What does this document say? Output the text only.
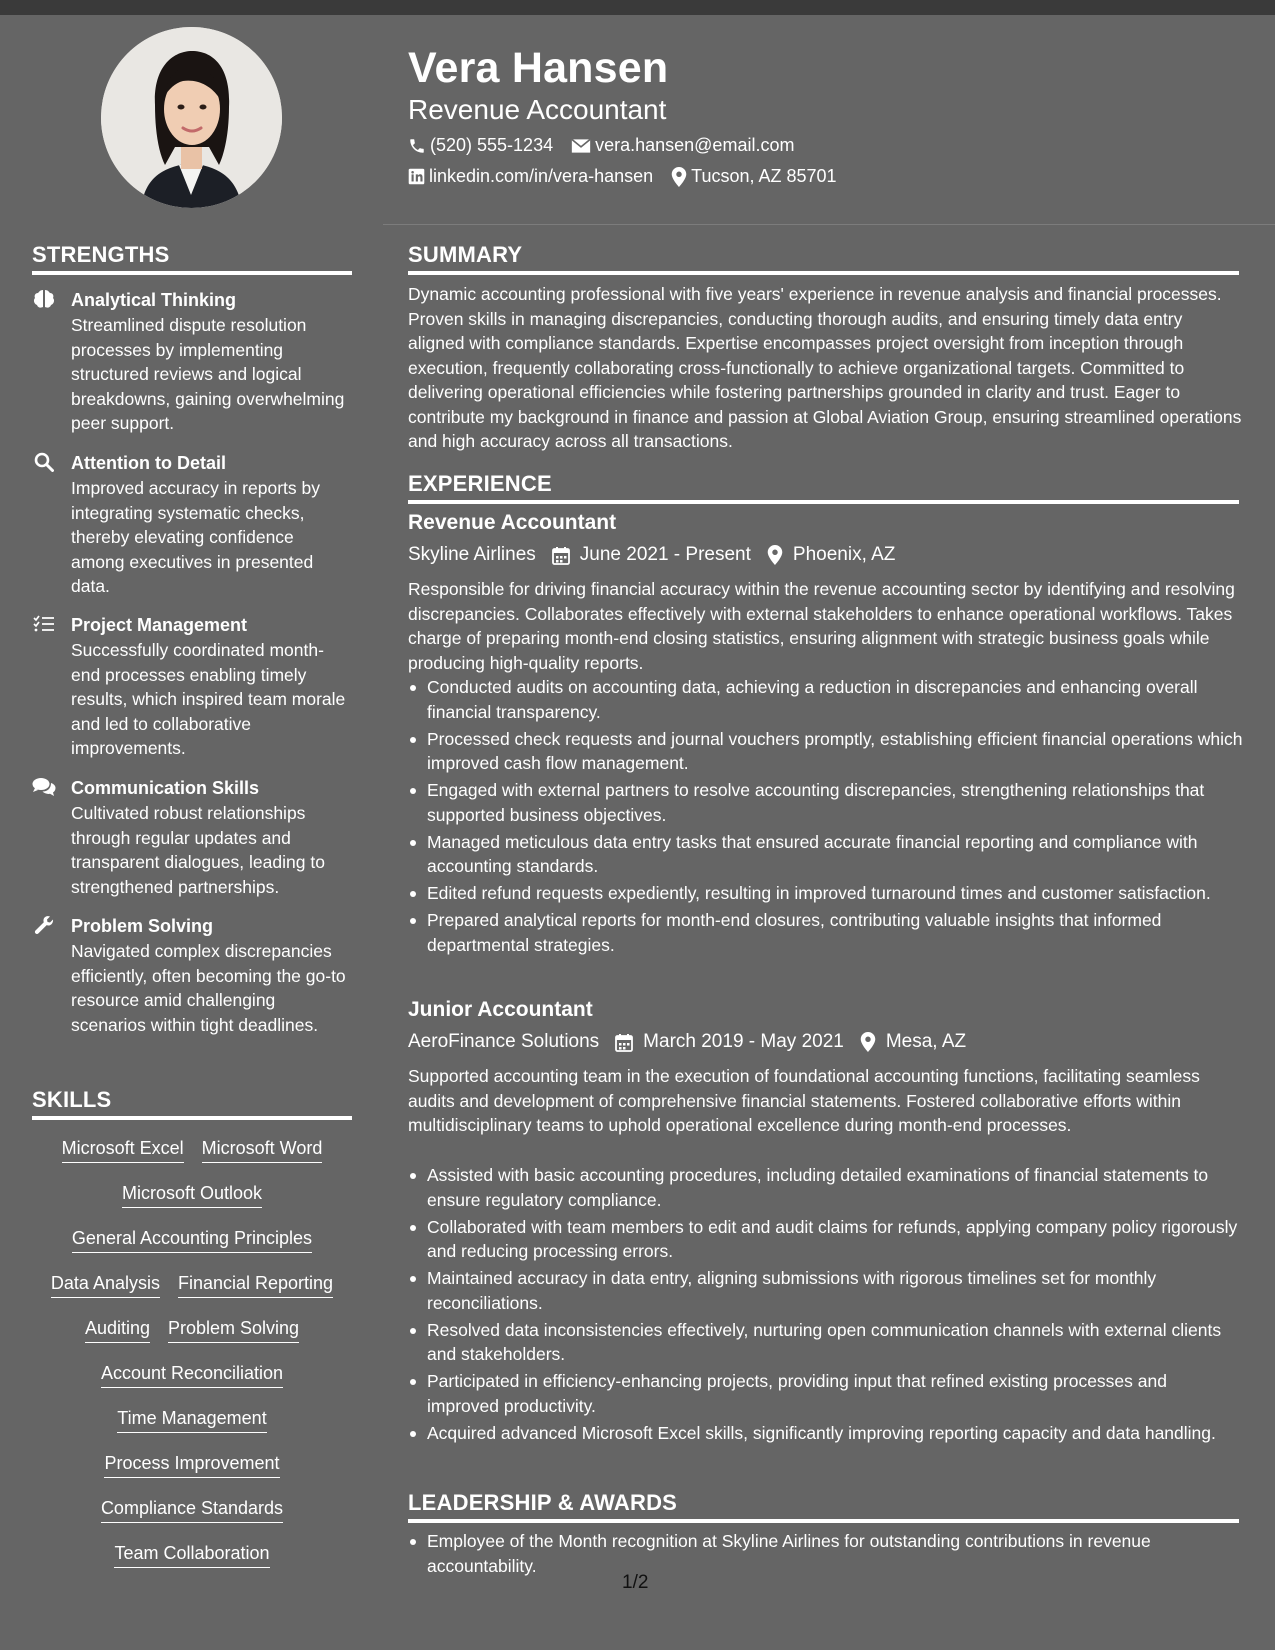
Vera Hansen
Revenue Accountant
(520) 555-1234 vera.hansen@email.com
linkedin.com/in/vera-hansen Tucson, AZ 85701
STRENGTHS
Analytical Thinking
Streamlined dispute resolution processes by implementing structured reviews and logical breakdowns, gaining overwhelming peer support.
Attention to Detail
Improved accuracy in reports by integrating systematic checks, thereby elevating confidence among executives in presented data.
Project Management
Successfully coordinated month-end processes enabling timely results, which inspired team morale and led to collaborative improvements.
Communication Skills
Cultivated robust relationships through regular updates and transparent dialogues, leading to strengthened partnerships.
Problem Solving
Navigated complex discrepancies efficiently, often becoming the go-to resource amid challenging scenarios within tight deadlines.
SKILLS
Microsoft Excel Microsoft Word
Microsoft Outlook
General Accounting Principles
Data Analysis Financial Reporting
Auditing Problem Solving
Account Reconciliation
Time Management
Process Improvement
Compliance Standards
Team Collaboration
SUMMARY
Dynamic accounting professional with five years' experience in revenue analysis and financial processes. Proven skills in managing discrepancies, conducting thorough audits, and ensuring timely data entry aligned with compliance standards. Expertise encompasses project oversight from inception through execution, frequently collaborating cross-functionally to achieve organizational targets. Committed to delivering operational efficiencies while fostering partnerships grounded in clarity and trust. Eager to contribute my background in finance and passion at Global Aviation Group, ensuring streamlined operations and high accuracy across all transactions.
EXPERIENCE
Revenue Accountant
Skyline Airlines June 2021 - Present Phoenix, AZ
Responsible for driving financial accuracy within the revenue accounting sector by identifying and resolving discrepancies. Collaborates effectively with external stakeholders to enhance operational workflows. Takes charge of preparing month-end closing statistics, ensuring alignment with strategic business goals while producing high-quality reports.
Conducted audits on accounting data, achieving a reduction in discrepancies and enhancing overall financial transparency.
Processed check requests and journal vouchers promptly, establishing efficient financial operations which improved cash flow management.
Engaged with external partners to resolve accounting discrepancies, strengthening relationships that supported business objectives.
Managed meticulous data entry tasks that ensured accurate financial reporting and compliance with accounting standards.
Edited refund requests expediently, resulting in improved turnaround times and customer satisfaction.
Prepared analytical reports for month-end closures, contributing valuable insights that informed departmental strategies.
Junior Accountant
AeroFinance Solutions March 2019 - May 2021 Mesa, AZ
Supported accounting team in the execution of foundational accounting functions, facilitating seamless audits and development of comprehensive financial statements. Fostered collaborative efforts within multidisciplinary teams to uphold operational excellence during month-end processes.
Assisted with basic accounting procedures, including detailed examinations of financial statements to ensure regulatory compliance.
Collaborated with team members to edit and audit claims for refunds, applying company policy rigorously and reducing processing errors.
Maintained accuracy in data entry, aligning submissions with rigorous timelines set for monthly reconciliations.
Resolved data inconsistencies effectively, nurturing open communication channels with external clients and stakeholders.
Participated in efficiency-enhancing projects, providing input that refined existing processes and improved productivity.
Acquired advanced Microsoft Excel skills, significantly improving reporting capacity and data handling.
LEADERSHIP & AWARDS
Employee of the Month recognition at Skyline Airlines for outstanding contributions in revenue accountability.
1/2
